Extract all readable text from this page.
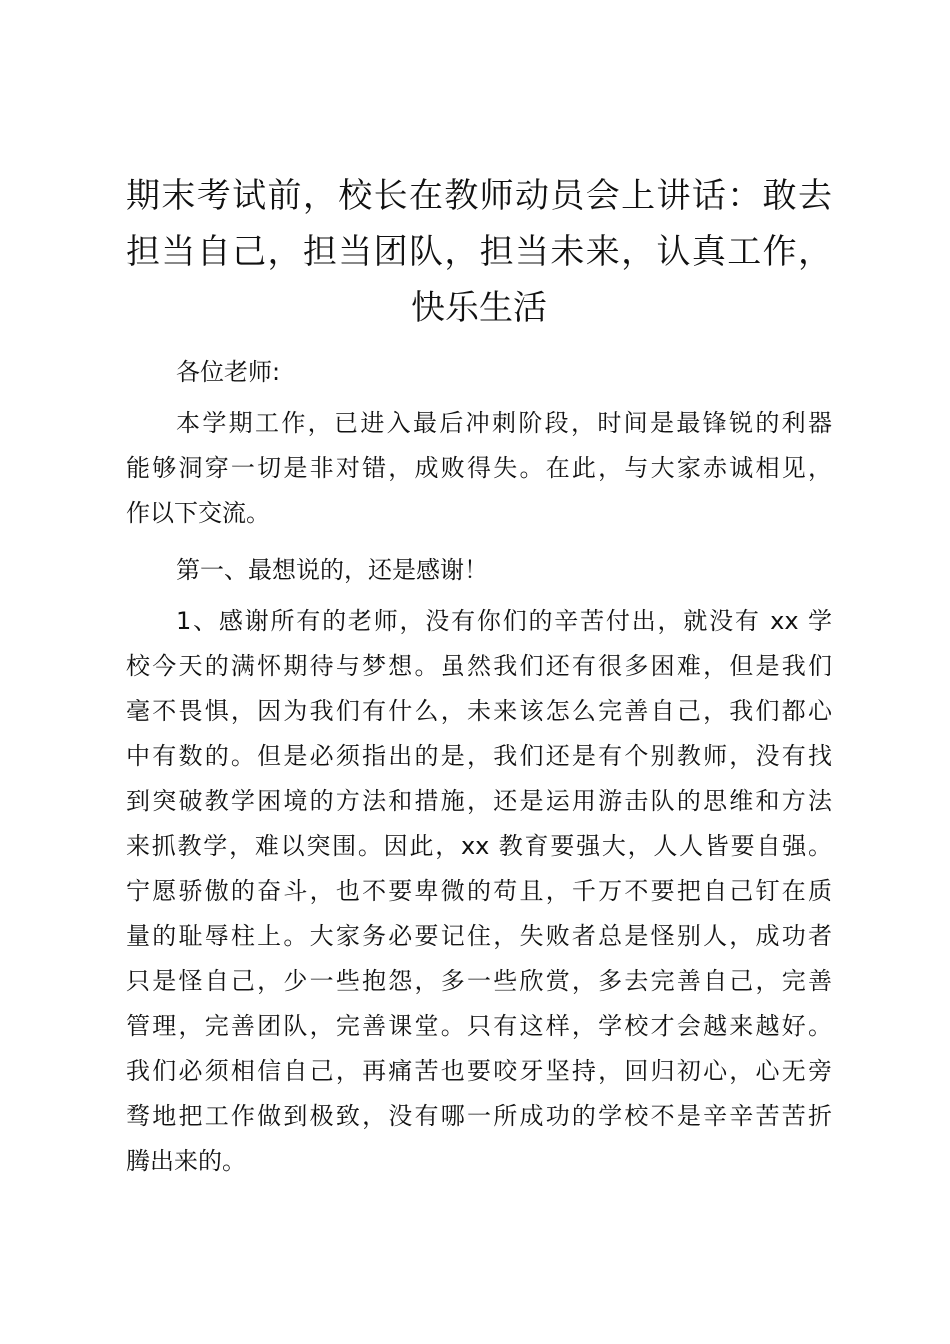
期末考试前，校长在教师动员会上讲话：敢去
担当自己，担当团队，担当未来，认真工作，
快乐生活

各位老师:

本学期工作，已进入最后冲刺阶段，时间是最锋锐的利器
能够洞穿一切是非对错，成败得失。在此，与大家赤诚相见，
作以下交流。

第一、最想说的，还是感谢！

1、感谢所有的老师，没有你们的辛苦付出，就没有 xx 学
校今天的满怀期待与梦想。虽然我们还有很多困难，但是我们
毫不畏惧，因为我们有什么，未来该怎么完善自己，我们都心
中有数的。但是必须指出的是，我们还是有个别教师，没有找
到突破教学困境的方法和措施，还是运用游击队的思维和方法
来抓教学，难以突围。因此，xx 教育要强大，人人皆要自强。
宁愿骄傲的奋斗，也不要卑微的苟且，千万不要把自己钉在质
量的耻辱柱上。大家务必要记住，失败者总是怪别人，成功者
只是怪自己，少一些抱怨，多一些欣赏，多去完善自己，完善
管理，完善团队，完善课堂。只有这样，学校才会越来越好。
我们必须相信自己，再痛苦也要咬牙坚持，回归初心，心无旁
骛地把工作做到极致，没有哪一所成功的学校不是辛辛苦苦折
腾出来的。
